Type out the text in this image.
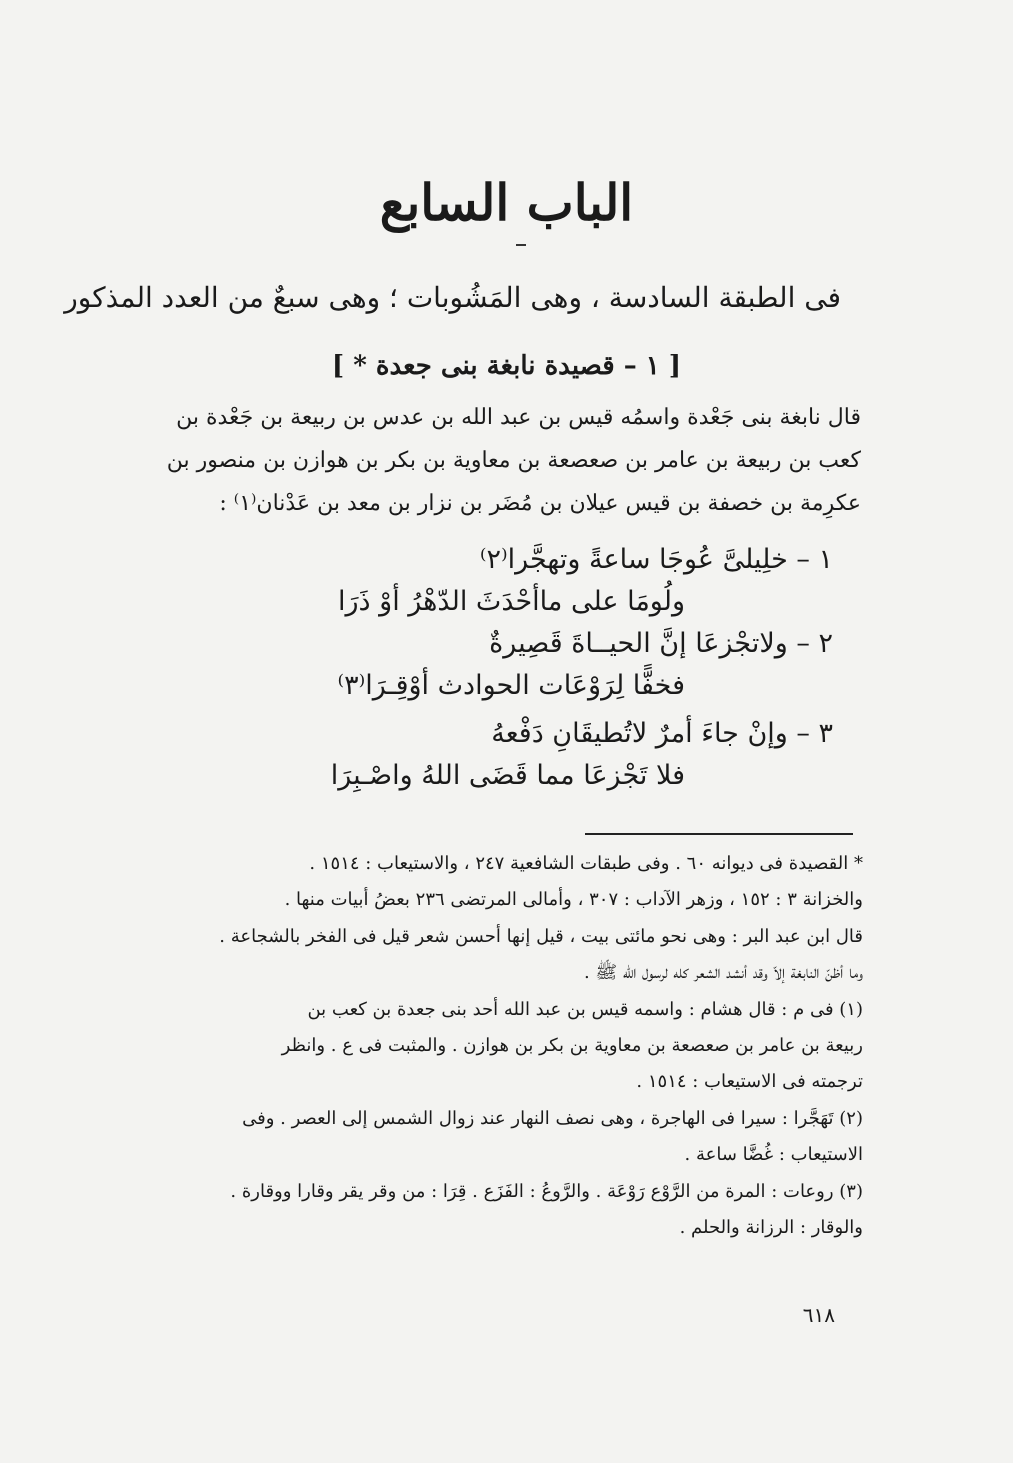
الباب السابع
فى الطبقة السادسة ، وهى المَشُوبات ؛ وهى سبعٌ من العدد المذكور
[ ١ – قصيدة نابغة بنى جعدة * ]

قال نابغة بنى جَعْدة واسمُه قيس بن عبد الله بن عدس بن ربيعة بن جَعْدة بن

كعب بن ربيعة بن عامر بن صعصعة بن معاوية بن بكر بن هوازن بن منصور بن

عكرِمة بن خصفة بن قيس عيلان بن مُضَر بن نزار بن معد بن عَدْنان⁽١⁾ :

١ – خلِيلىَّ عُوجَا ساعةً وتهجَّرا⁽٢⁾
ولُومَا على ماأحْدَثَ الدّهْرُ أوْ ذَرَا
٢ – ولاتجْزعَا إنَّ الحيــاةَ قَصِيرةٌ
فخفًّا لِرَوْعَات الحوادث أوْقِـرَا⁽٣⁾
٣ – وإنْ جاءَ أمرٌ لاتُطيقَانِ دَفْعهُ
فلا تَجْزعَا مما قَضَى اللهُ واصْـبِرَا

* القصيدة فى ديوانه ٦٠ . وفى طبقات الشافعية ٢٤٧ ، والاستيعاب : ١٥١٤ .

والخزانة ٣ : ١٥٢ ، وزهر الآداب : ٣٠٧ ، وأمالى المرتضى ٢٣٦ بعضُ أبيات منها .

قال ابن عبد البر : وهى نحو مائتى بيت ، قيل إنها أحسن شعر قيل فى الفخر بالشجاعة .

وما أظنّ النابغة إلاّ وقد أنشد الشعر كله لرسول الله ﷺ .

(١) فى م : قال هشام : واسمه قيس بن عبد الله أحد بنى جعدة بن كعب بن

ربيعة بن عامر بن صعصعة بن معاوية بن بكر بن هوازن . والمثبت فى ع . وانظر

ترجمته فى الاستيعاب : ١٥١٤ .

(٢) تَهَجَّرا : سيرا فى الهاجرة ، وهى نصف النهار عند زوال الشمس إلى العصر . وفى

الاستيعاب : غُضَّا ساعة .

(٣) روعات : المرة من الرَّوْع رَوْعَة . والرَّوعُ : الفَزَع . قِرَا : من وقر يقر وقارا ووقارة .

والوقار : الرزانة والحلم .

٦١٨
